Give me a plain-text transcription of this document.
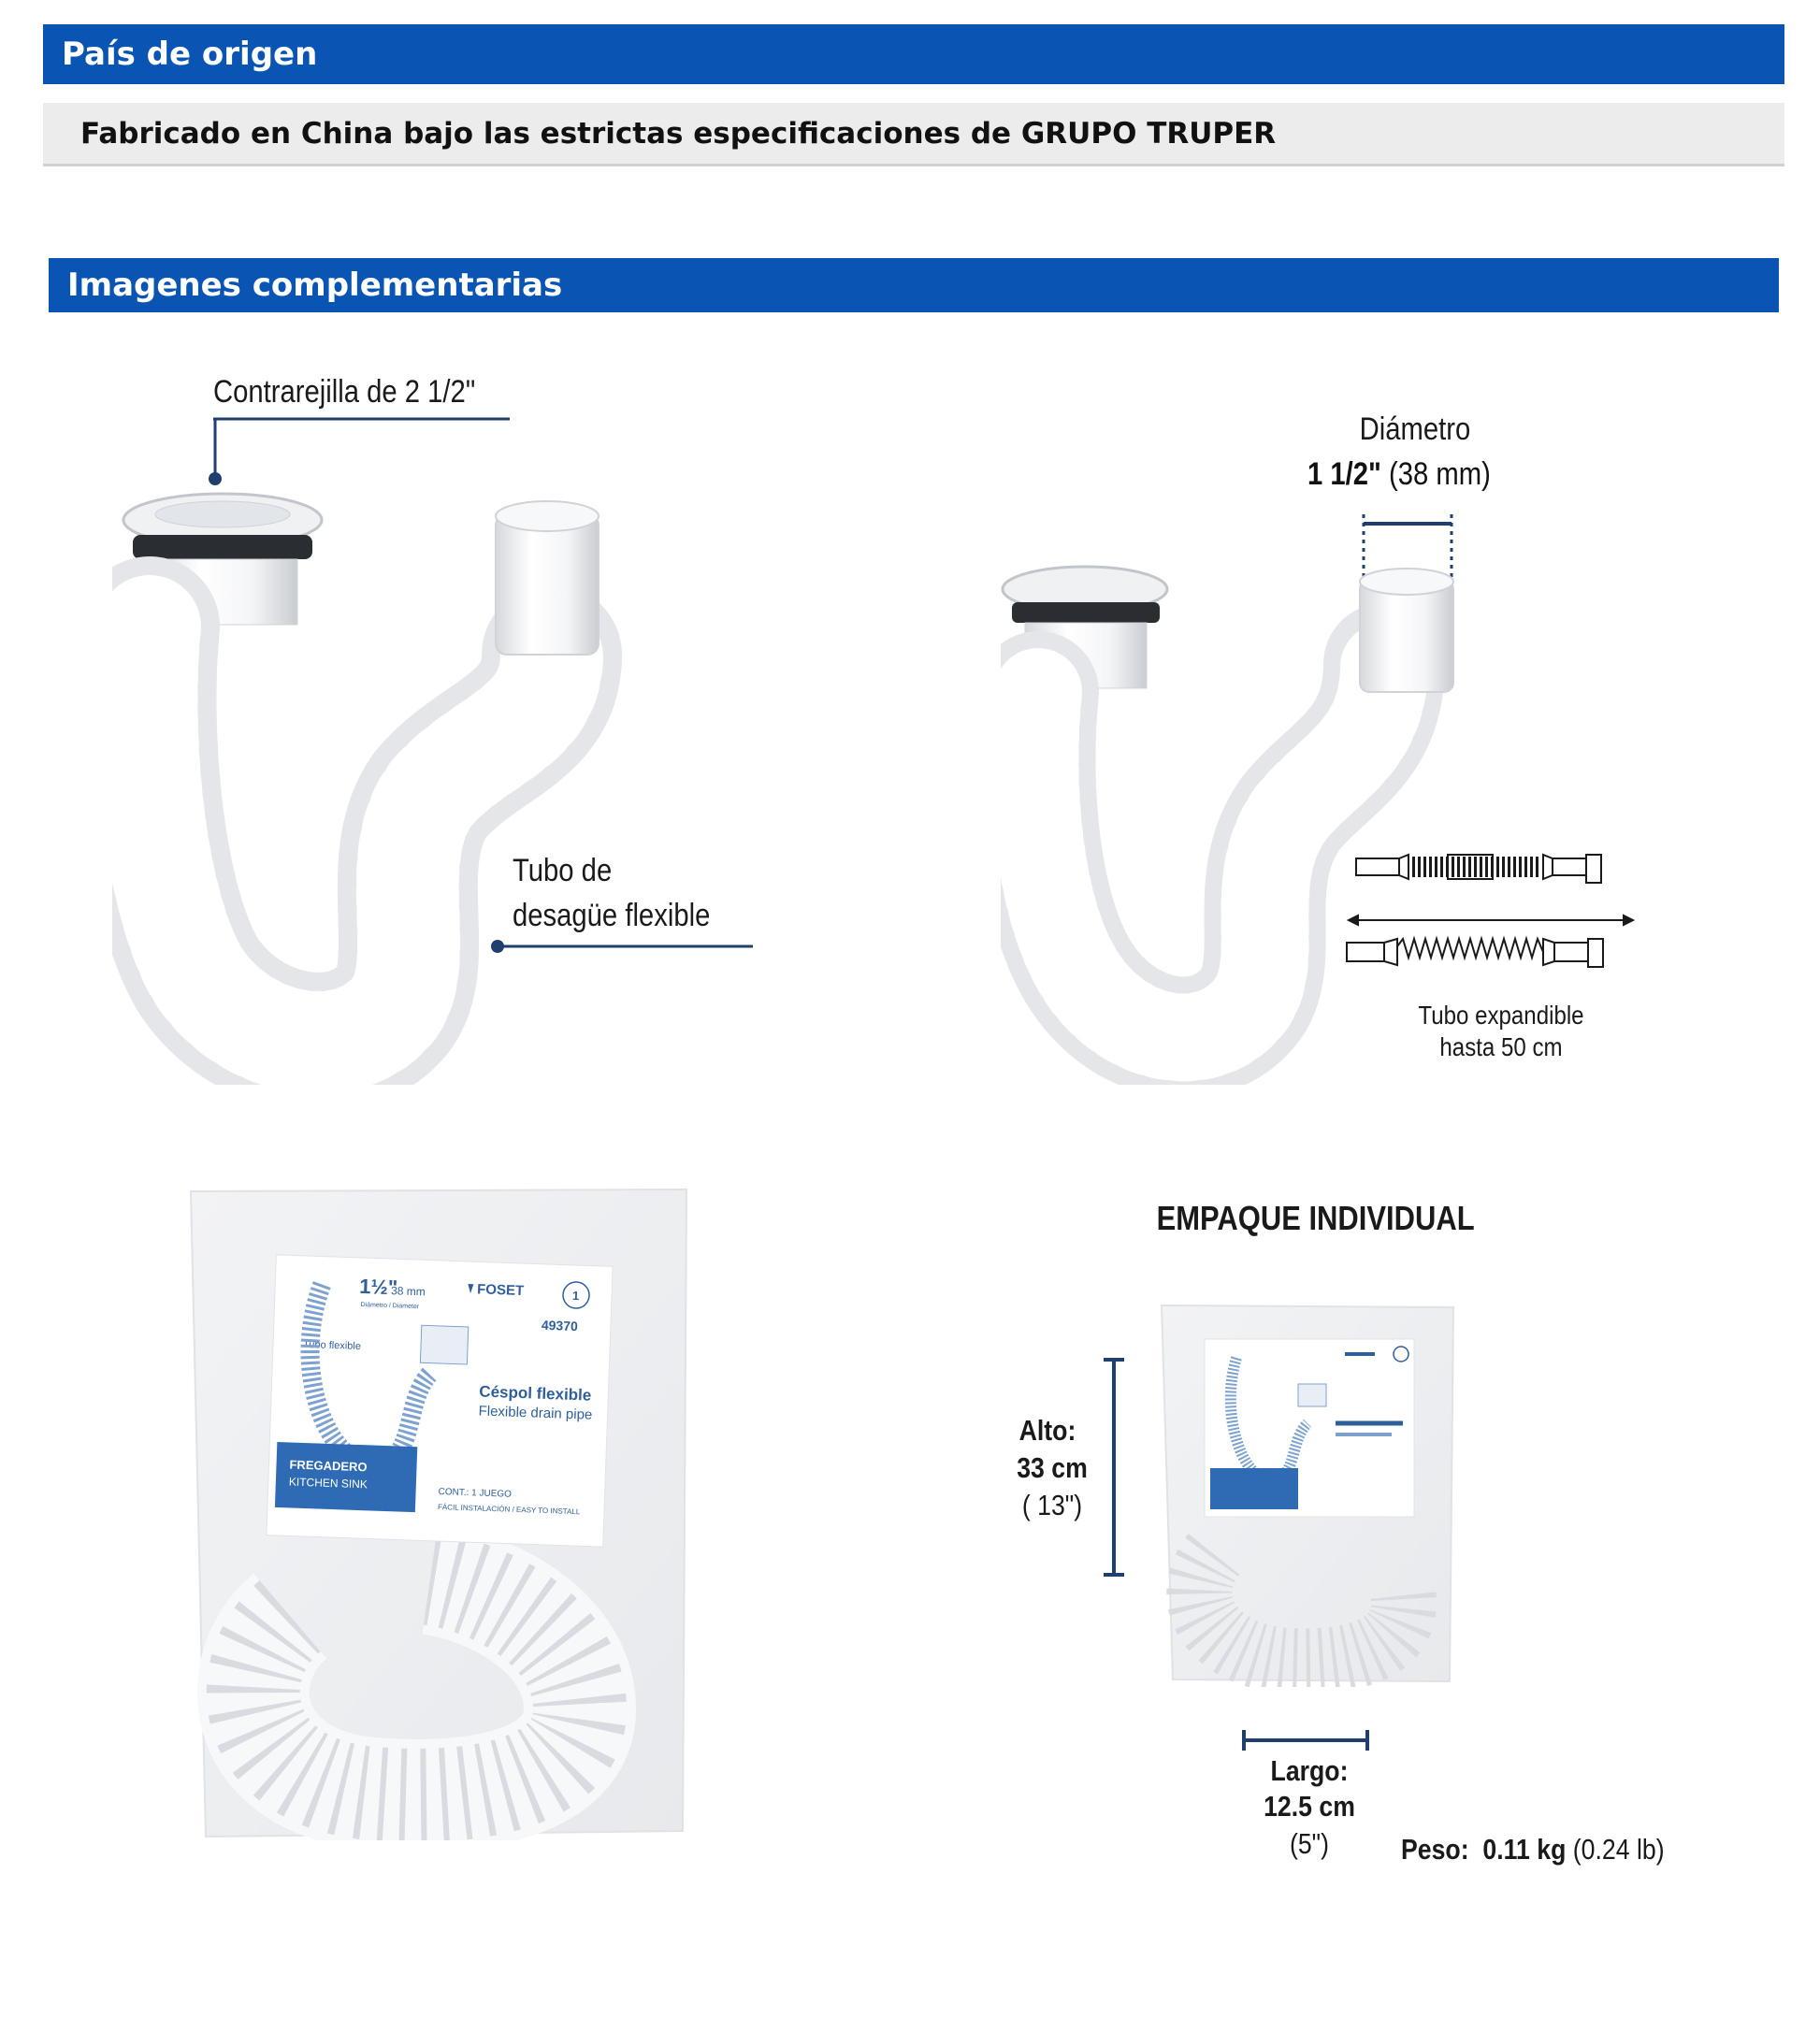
País de origen
Fabricado en China bajo las estrictas especificaciones de GRUPO TRUPER
Imagenes complementarias
Contrarejilla de 2 1/2"
Tubo de
desagüe flexible
Diámetro
1 1/2" (38 mm)
Tubo expandible
hasta 50 cm
1½"
38 mm
Diámetro / Diameter
FOSET	1
49370
Tubo flexible
Céspol flexible
Flexible drain pipe
FREGADERO
KITCHEN SINK
CONT.: 1 JUEGO
FÁCIL INSTALACIÓN / EASY TO INSTALL
EMPAQUE INDIVIDUAL
Alto:
33 cm
( 13")
Largo:
12.5 cm
(5")	Peso: 0.11 kg (0.24 lb)
